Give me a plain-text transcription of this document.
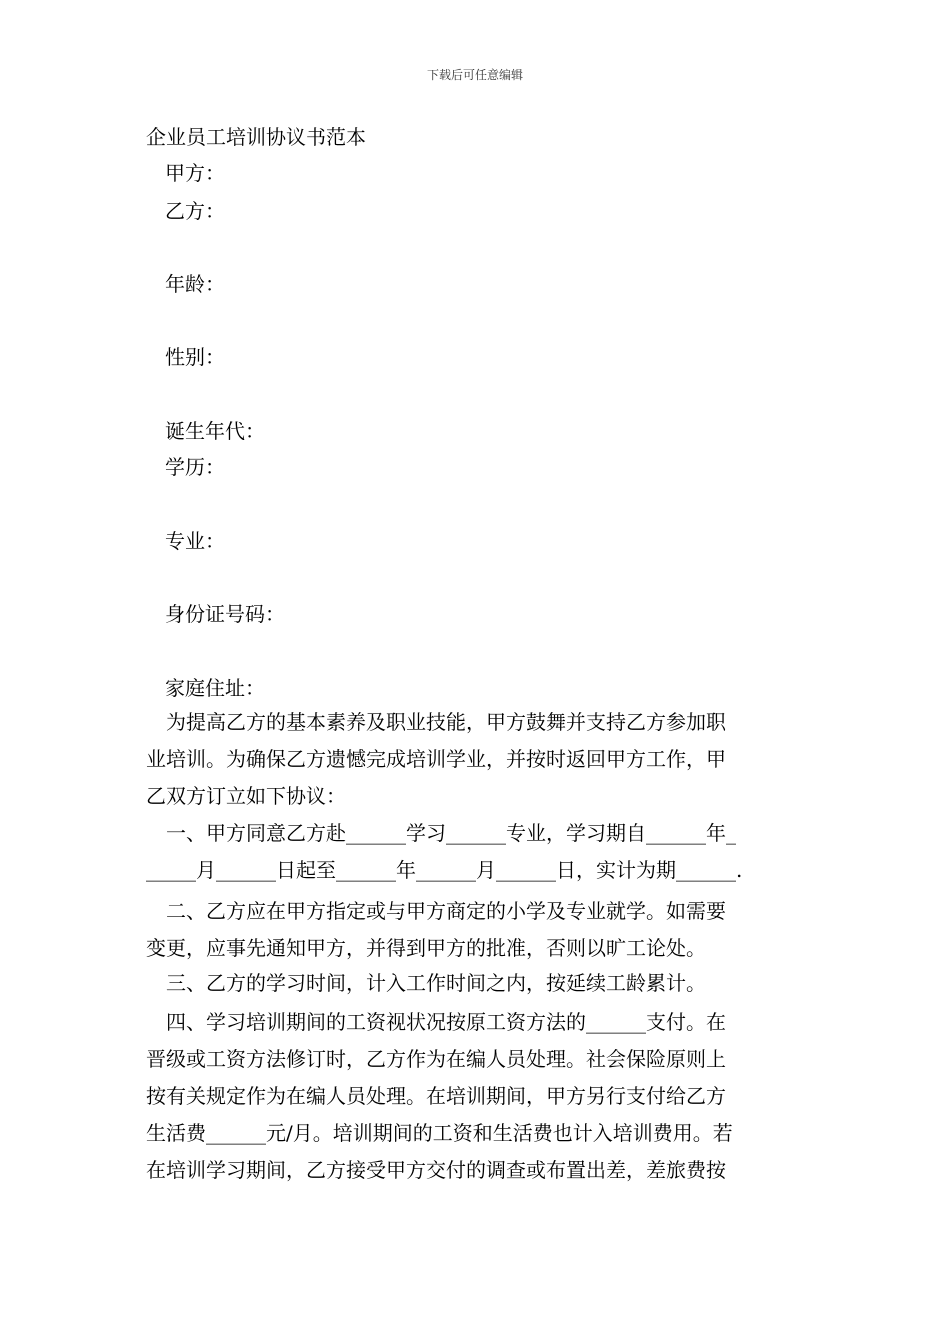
下载后可任意编辑
企业员工培训协议书范本
甲方：
乙方：
年龄：
性别：
诞生年代：
学历：
专业：
身份证号码：
家庭住址：
为提高乙方的基本素养及职业技能，甲方鼓舞并支持乙方参加职
业培训。为确保乙方遗憾完成培训学业，并按时返回甲方工作，甲
乙双方订立如下协议：
一、甲方同意乙方赴______学习______专业，学习期自______年_
_____月______日起至______年______月______日，实计为期______.
二、乙方应在甲方指定或与甲方商定的小学及专业就学。如需要
变更，应事先通知甲方，并得到甲方的批准，否则以旷工论处。
三、乙方的学习时间，计入工作时间之内，按延续工龄累计。
四、学习培训期间的工资视状况按原工资方法的______支付。在
晋级或工资方法修订时，乙方作为在编人员处理。社会保险原则上
按有关规定作为在编人员处理。在培训期间，甲方另行支付给乙方
生活费______元/月。培训期间的工资和生活费也计入培训费用。若
在培训学习期间，乙方接受甲方交付的调查或布置出差，差旅费按
